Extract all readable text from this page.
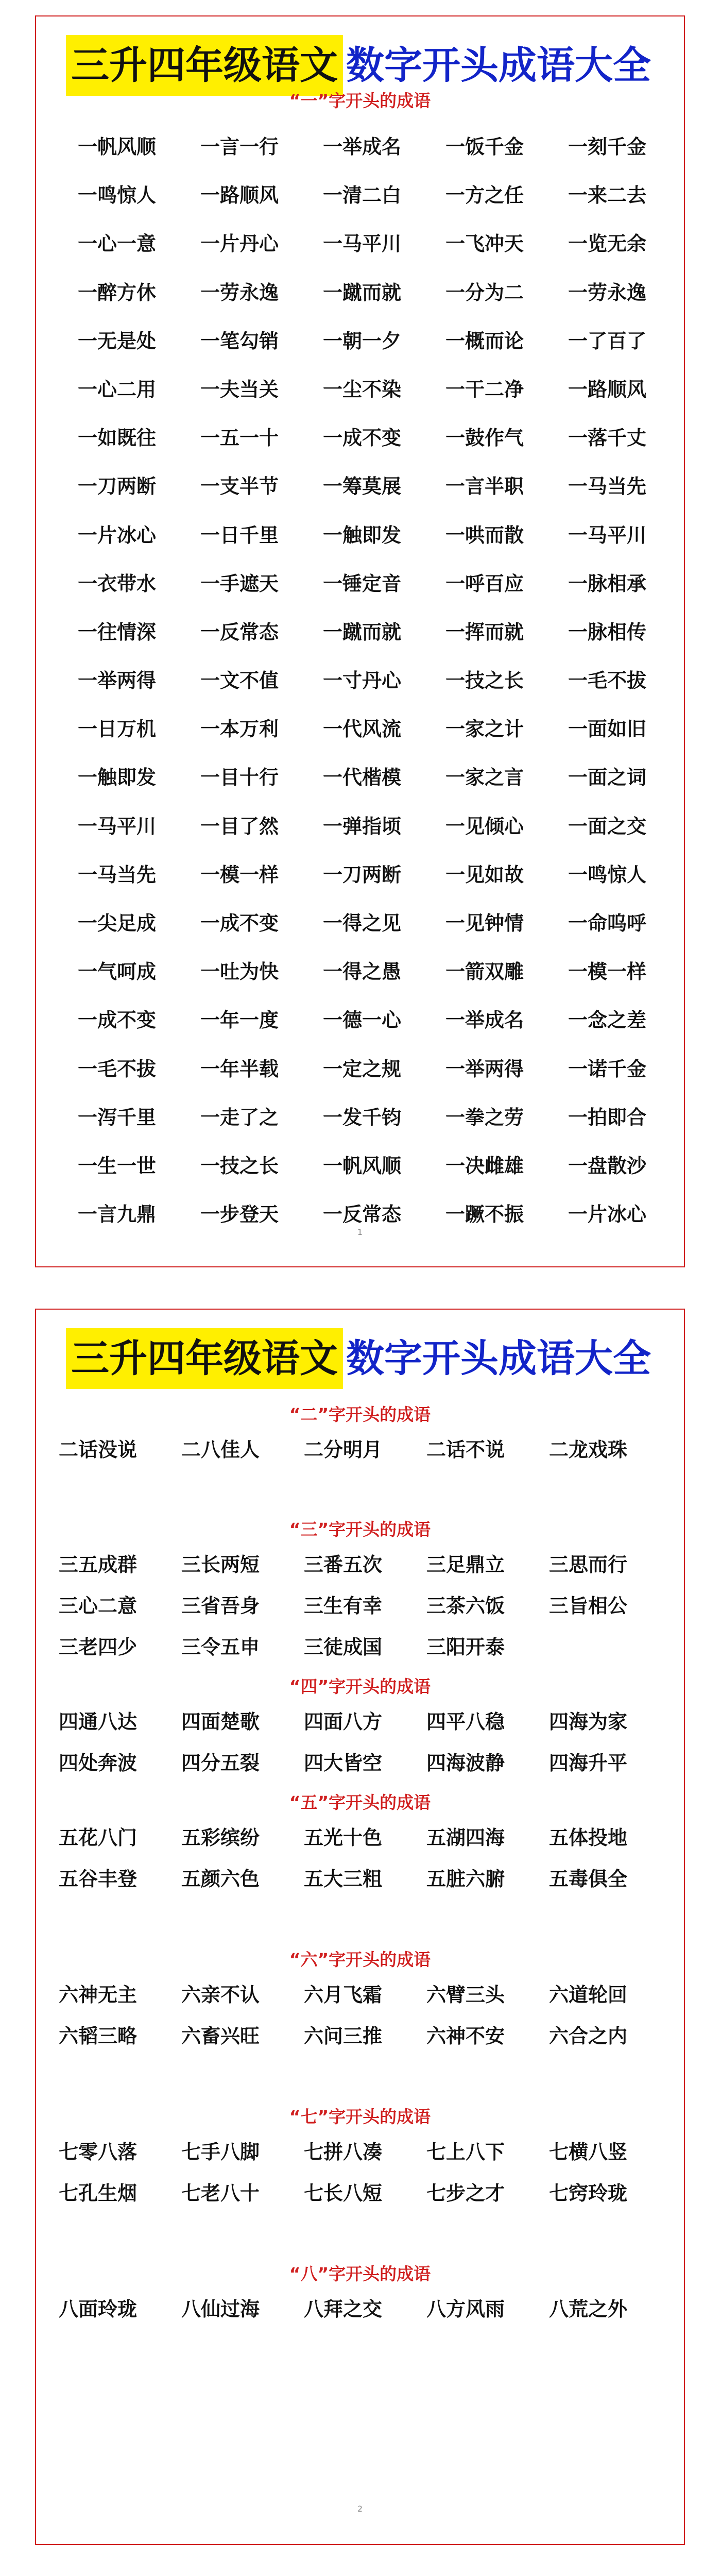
三升四年级语文 数字开头成语大全
“一”字开头的成语
一帆风顺	一言一行	一举成名	一饭千金	一刻千金
一鸣惊人	一路顺风	一清二白	一方之任	一来二去
一心一意	一片丹心	一马平川	一飞冲天	一览无余
一醉方休	一劳永逸	一蹴而就	一分为二	一劳永逸
一无是处	一笔勾销	一朝一夕	一概而论	一了百了
一心二用	一夫当关	一尘不染	一干二净	一路顺风
一如既往	一五一十	一成不变	一鼓作气	一落千丈
一刀两断	一支半节	一筹莫展	一言半职	一马当先
一片冰心	一日千里	一触即发	一哄而散	一马平川
一衣带水	一手遮天	一锤定音	一呼百应	一脉相承
一往情深	一反常态	一蹴而就	一挥而就	一脉相传
一举两得	一文不值	一寸丹心	一技之长	一毛不拔
一日万机	一本万利	一代风流	一家之计	一面如旧
一触即发	一目十行	一代楷模	一家之言	一面之词
一马平川	一目了然	一弹指顷	一见倾心	一面之交
一马当先	一模一样	一刀两断	一见如故	一鸣惊人
一尖足成	一成不变	一得之见	一见钟情	一命呜呼
一气呵成	一吐为快	一得之愚	一箭双雕	一模一样
一成不变	一年一度	一德一心	一举成名	一念之差
一毛不拔	一年半载	一定之规	一举两得	一诺千金
一泻千里	一走了之	一发千钧	一拳之劳	一拍即合
一生一世	一技之长	一帆风顺	一决雌雄	一盘散沙
一言九鼎	一步登天	一反常态	一蹶不振	一片冰心
1
三升四年级语文 数字开头成语大全
“二”字开头的成语
二话没说	二八佳人	二分明月	二话不说	二龙戏珠
“三”字开头的成语
三五成群	三长两短	三番五次	三足鼎立	三思而行
三心二意	三省吾身	三生有幸	三茶六饭	三旨相公
三老四少	三令五申	三徒成国	三阳开泰
“四”字开头的成语
四通八达	四面楚歌	四面八方	四平八稳	四海为家
四处奔波	四分五裂	四大皆空	四海波静	四海升平
“五”字开头的成语
五花八门	五彩缤纷	五光十色	五湖四海	五体投地
五谷丰登	五颜六色	五大三粗	五脏六腑	五毒俱全
“六”字开头的成语
六神无主	六亲不认	六月飞霜	六臂三头	六道轮回
六韬三略	六畜兴旺	六问三推	六神不安	六合之内
“七”字开头的成语
七零八落	七手八脚	七拼八凑	七上八下	七横八竖
七孔生烟	七老八十	七长八短	七步之才	七窍玲珑
“八”字开头的成语
八面玲珑	八仙过海	八拜之交	八方风雨	八荒之外
2
